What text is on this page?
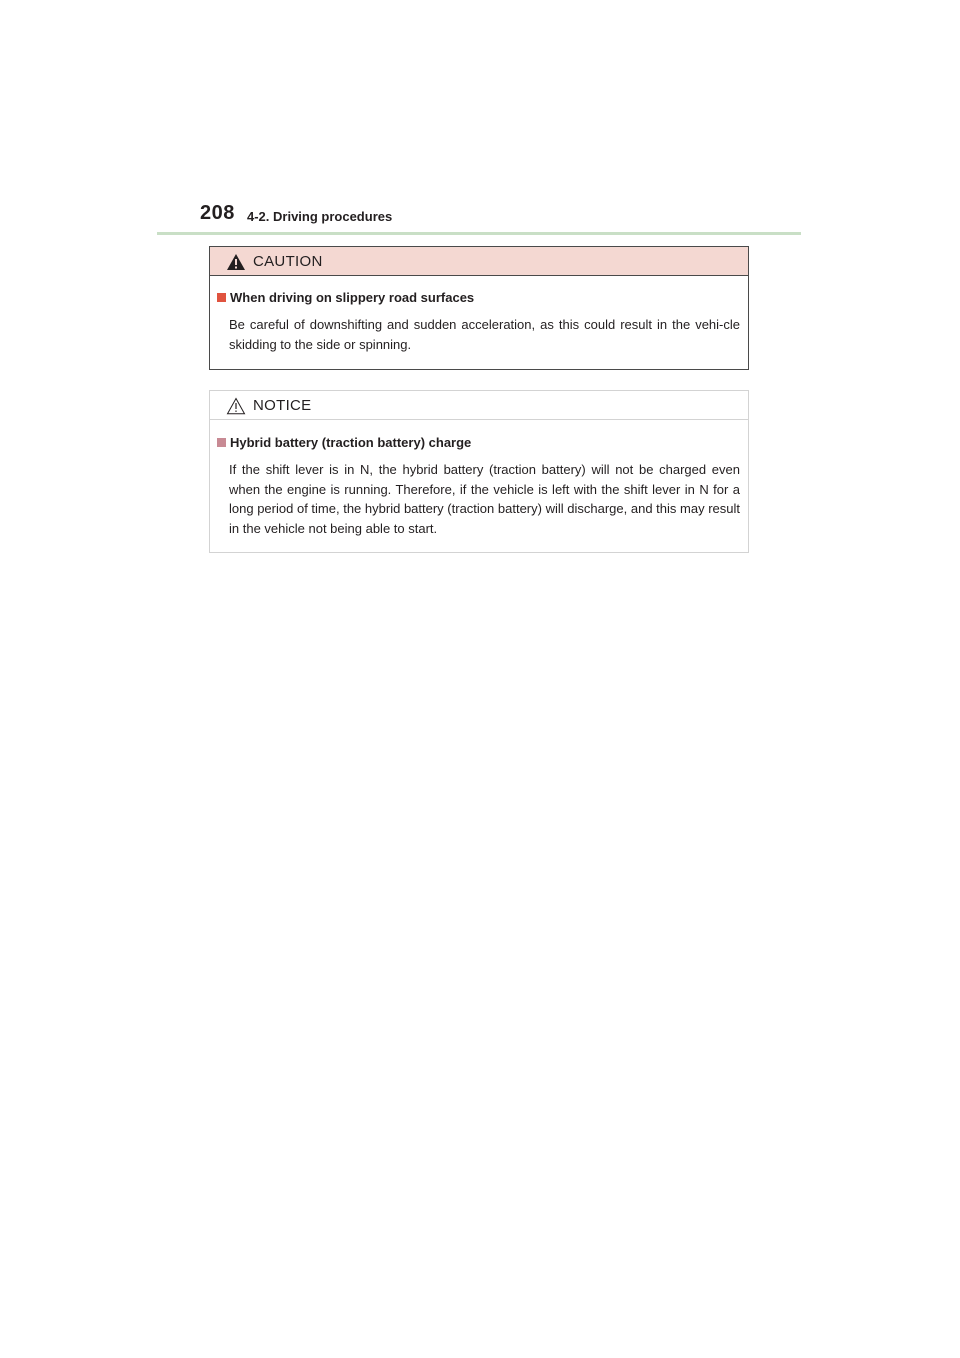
208 4-2. Driving procedures
CAUTION
When driving on slippery road surfaces
Be careful of downshifting and sudden acceleration, as this could result in the vehi-cle skidding to the side or spinning.
NOTICE
Hybrid battery (traction battery) charge
If the shift lever is in N, the hybrid battery (traction battery) will not be charged even when the engine is running. Therefore, if the vehicle is left with the shift lever in N for a long period of time, the hybrid battery (traction battery) will discharge, and this may result in the vehicle not being able to start.
